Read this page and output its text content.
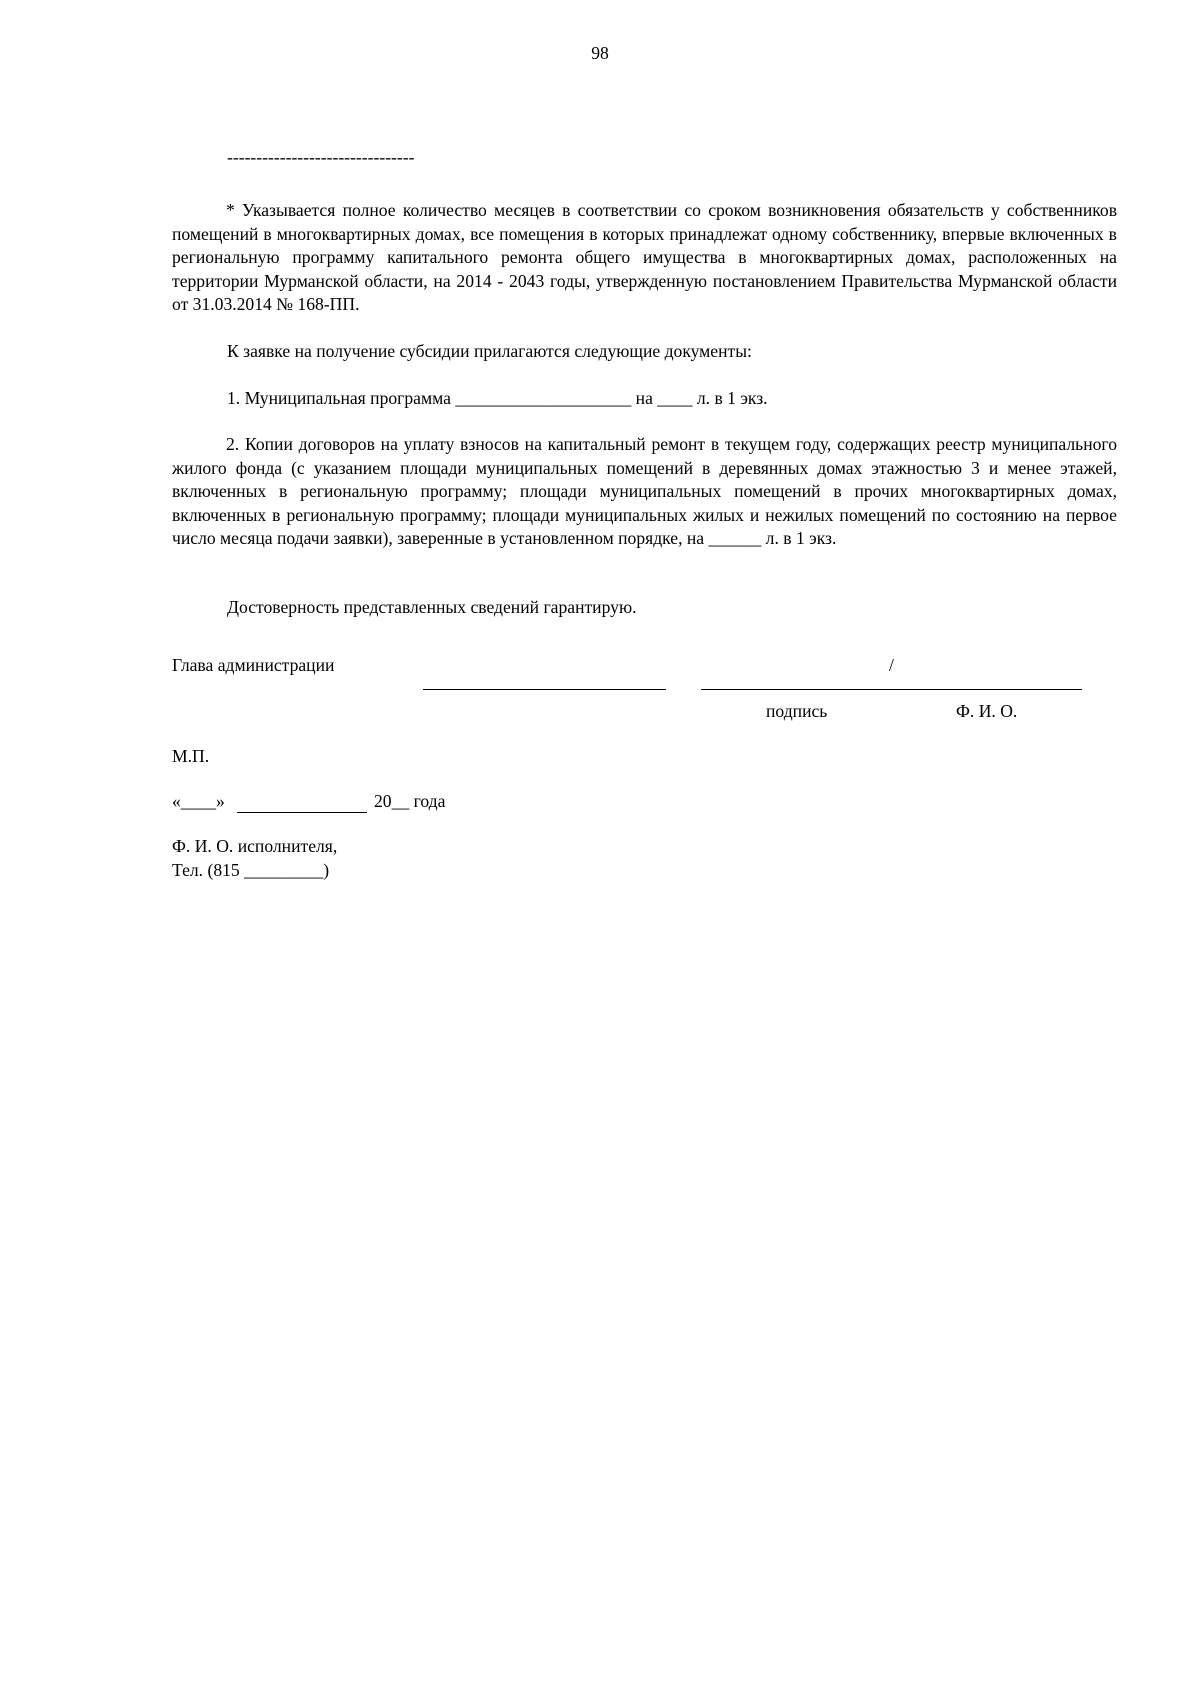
98
--------------------------------
* Указывается полное количество месяцев в соответствии со сроком возникновения обязательств у собственников помещений в многоквартирных домах, все помещения в которых принадлежат одному собственнику, впервые включенных в региональную программу капитального ремонта общего имущества в многоквартирных домах, расположенных на территории Мурманской области, на 2014 - 2043 годы, утвержденную постановлением Правительства Мурманской области от 31.03.2014 № 168-ПП.
К заявке на получение субсидии прилагаются следующие документы:
1. Муниципальная программа ____________________ на ____ л. в 1 экз.
2. Копии договоров на уплату взносов на капитальный ремонт в текущем году, содержащих реестр муниципального жилого фонда (с указанием площади муниципальных помещений в деревянных домах этажностью 3 и менее этажей, включенных в региональную программу; площади муниципальных помещений в прочих многоквартирных домах, включенных в региональную программу; площади муниципальных жилых и нежилых помещений по состоянию на первое число месяца подачи заявки), заверенные в установленном порядке, на ______ л. в 1 экз.
Достоверность представленных сведений гарантирую.
Глава администрации	/
подпись	Ф. И. О.
М.П.
«____»	20__ года
Ф. И. О. исполнителя,
Тел. (815 _________)
